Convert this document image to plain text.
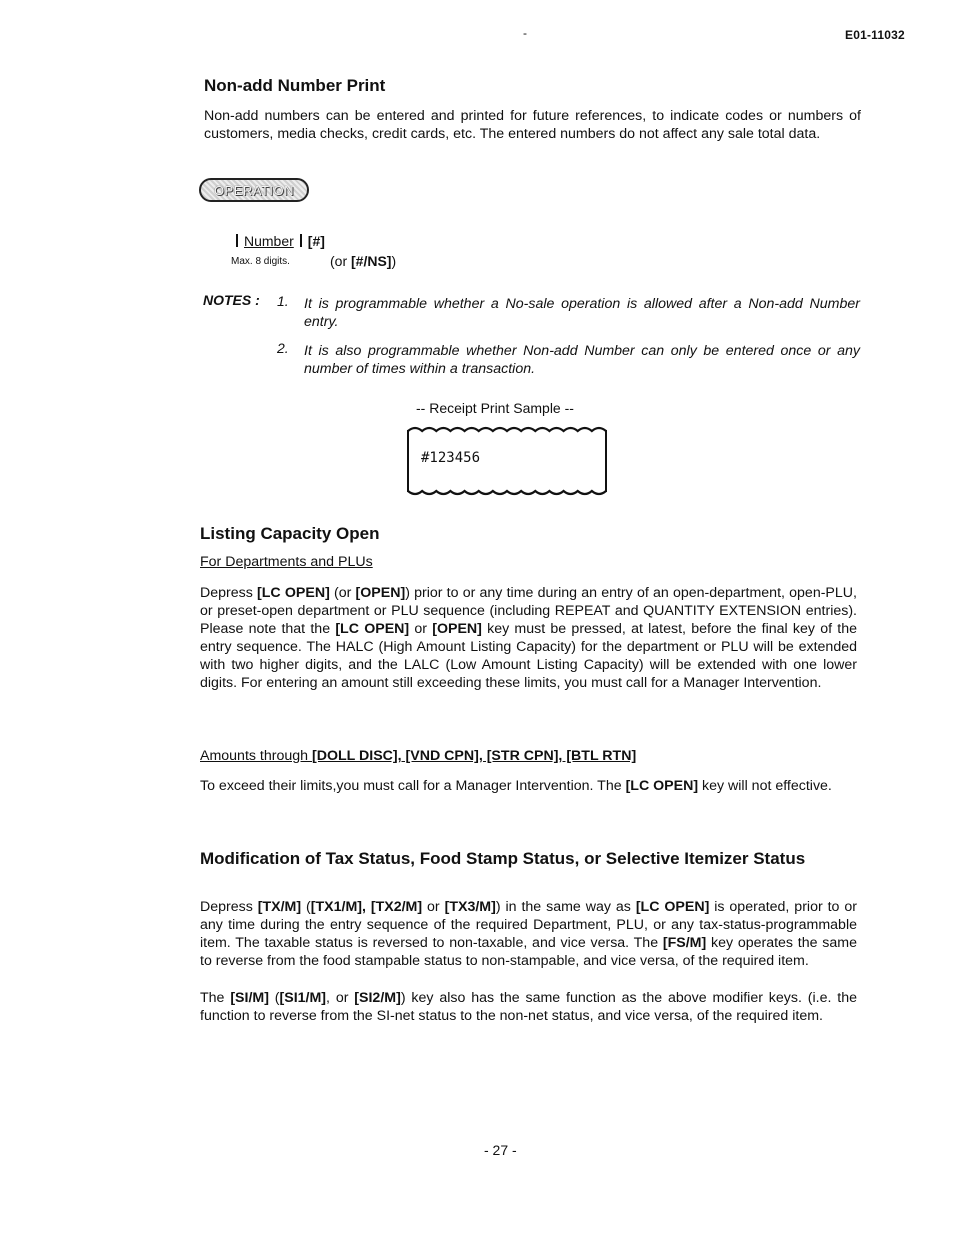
-	E01-11032
Non-add Number Print
Non-add numbers can be entered and printed for future references, to indicate codes or numbers of customers, media checks, credit cards, etc. The entered numbers do not affect any sale total data.
OPERATION
Number [#]
Max. 8 digits.	(or [#/NS])
NOTES : 1. It is programmable whether a No-sale operation is allowed after a Non-add Number entry.
2. It is also programmable whether Non-add Number can only be entered once or any number of times within a transaction.
-- Receipt Print Sample --
#123456
Listing Capacity Open
For Departments and PLUs
Depress [LC OPEN] (or [OPEN]) prior to or any time during an entry of an open-department, open-PLU, or preset-open department or PLU sequence (including REPEAT and QUANTITY EXTENSION entries). Please note that the [LC OPEN] or [OPEN] key must be pressed, at latest, before the final key of the entry sequence. The HALC (High Amount Listing Capacity) for the department or PLU will be extended with two higher digits, and the LALC (Low Amount Listing Capacity) will be extended with one lower digits. For entering an amount still exceeding these limits, you must call for a Manager Intervention.
Amounts through [DOLL DISC], [VND CPN], [STR CPN], [BTL RTN]
To exceed their limits,you must call for a Manager Intervention. The [LC OPEN] key will not effective.
Modification of Tax Status, Food Stamp Status, or Selective Itemizer Status
Depress [TX/M] ([TX1/M], [TX2/M] or [TX3/M]) in the same way as [LC OPEN] is operated, prior to or any time during the entry sequence of the required Department, PLU, or any tax-status-programmable item. The taxable status is reversed to non-taxable, and vice versa. The [FS/M] key operates the same to reverse from the food stampable status to non-stampable, and vice versa, of the required item.
The [SI/M] ([SI1/M], or [SI2/M]) key also has the same function as the above modifier keys. (i.e. the function to reverse from the SI-net status to the non-net status, and vice versa, of the required item.
- 27 -
